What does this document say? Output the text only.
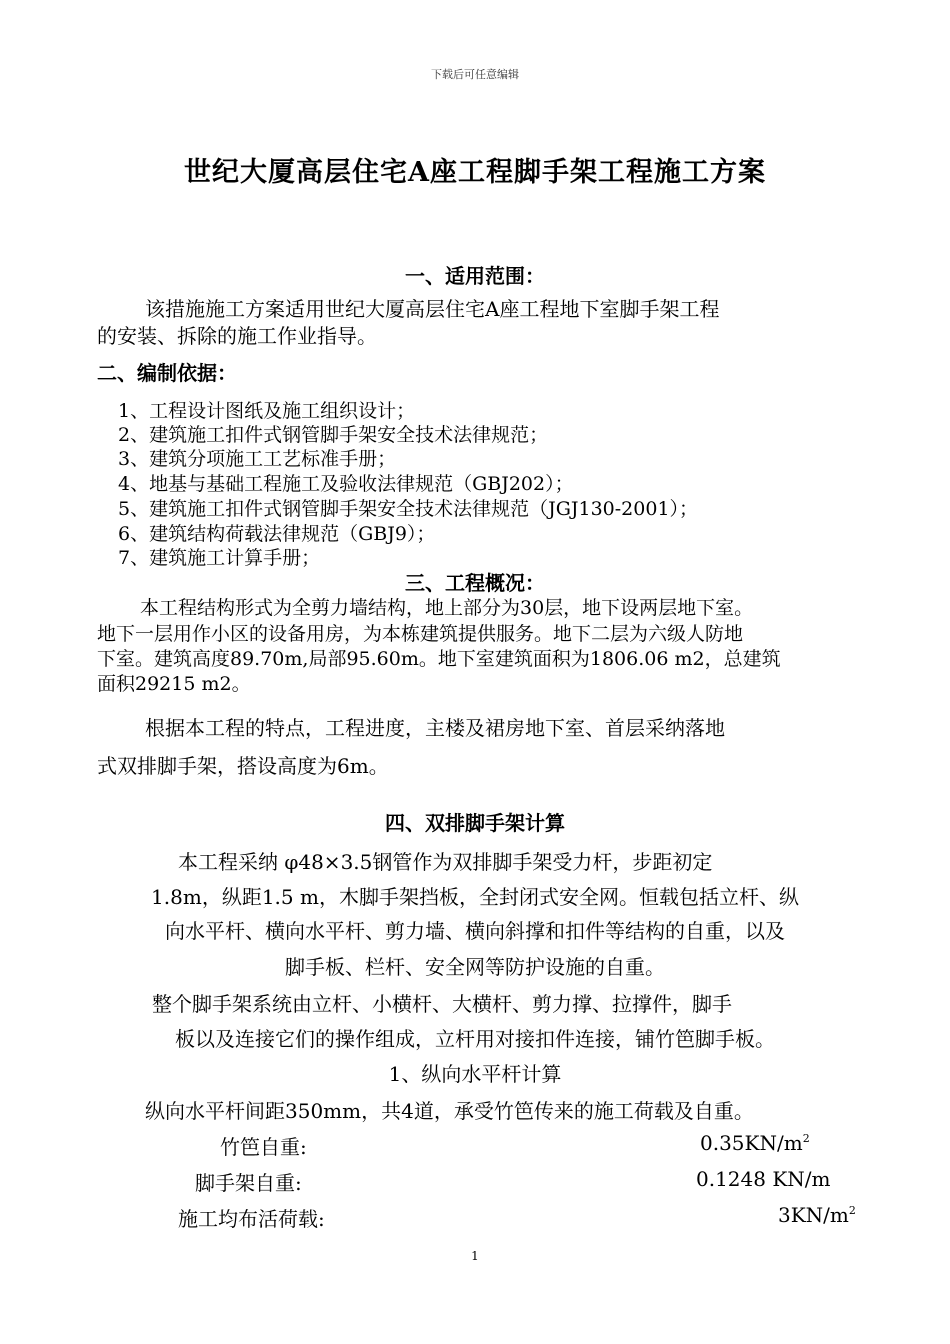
下载后可任意编辑
世纪大厦高层住宅A座工程脚手架工程施工方案
一、适用范围：
该措施施工方案适用世纪大厦高层住宅A座工程地下室脚手架工程
的安装、拆除的施工作业指导。
二、编制依据：
1、工程设计图纸及施工组织设计；
2、建筑施工扣件式钢管脚手架安全技术法律规范；
3、建筑分项施工工艺标准手册；
4、地基与基础工程施工及验收法律规范（GBJ202）；
5、建筑施工扣件式钢管脚手架安全技术法律规范（JGJ130-2001）；
6、建筑结构荷载法律规范（GBJ9）；
7、建筑施工计算手册；
三、工程概况：
本工程结构形式为全剪力墙结构，地上部分为30层，地下设两层地下室。
地下一层用作小区的设备用房，为本栋建筑提供服务。地下二层为六级人防地
下室。建筑高度89.70m,局部95.60m。地下室建筑面积为1806.06 m2，总建筑
面积29215 m2。
根据本工程的特点，工程进度，主楼及裙房地下室、首层采纳落地
式双排脚手架，搭设高度为6m。
四、双排脚手架计算
本工程采纳 φ48×3.5钢管作为双排脚手架受力杆，步距初定
1.8m，纵距1.5 m，木脚手架挡板，全封闭式安全网。恒载包括立杆、纵
向水平杆、横向水平杆、剪力墙、横向斜撑和扣件等结构的自重，以及
脚手板、栏杆、安全网等防护设施的自重。
整个脚手架系统由立杆、小横杆、大横杆、剪力撑、拉撑件，脚手
板以及连接它们的操作组成，立杆用对接扣件连接，铺竹笆脚手板。
1、纵向水平杆计算
纵向水平杆间距350mm，共4道，承受竹笆传来的施工荷载及自重。
竹笆自重:	$0.35KN/m^2$
脚手架自重:	0.1248 KN/m
施工均布活荷载:	$3KN/m^2$
1
